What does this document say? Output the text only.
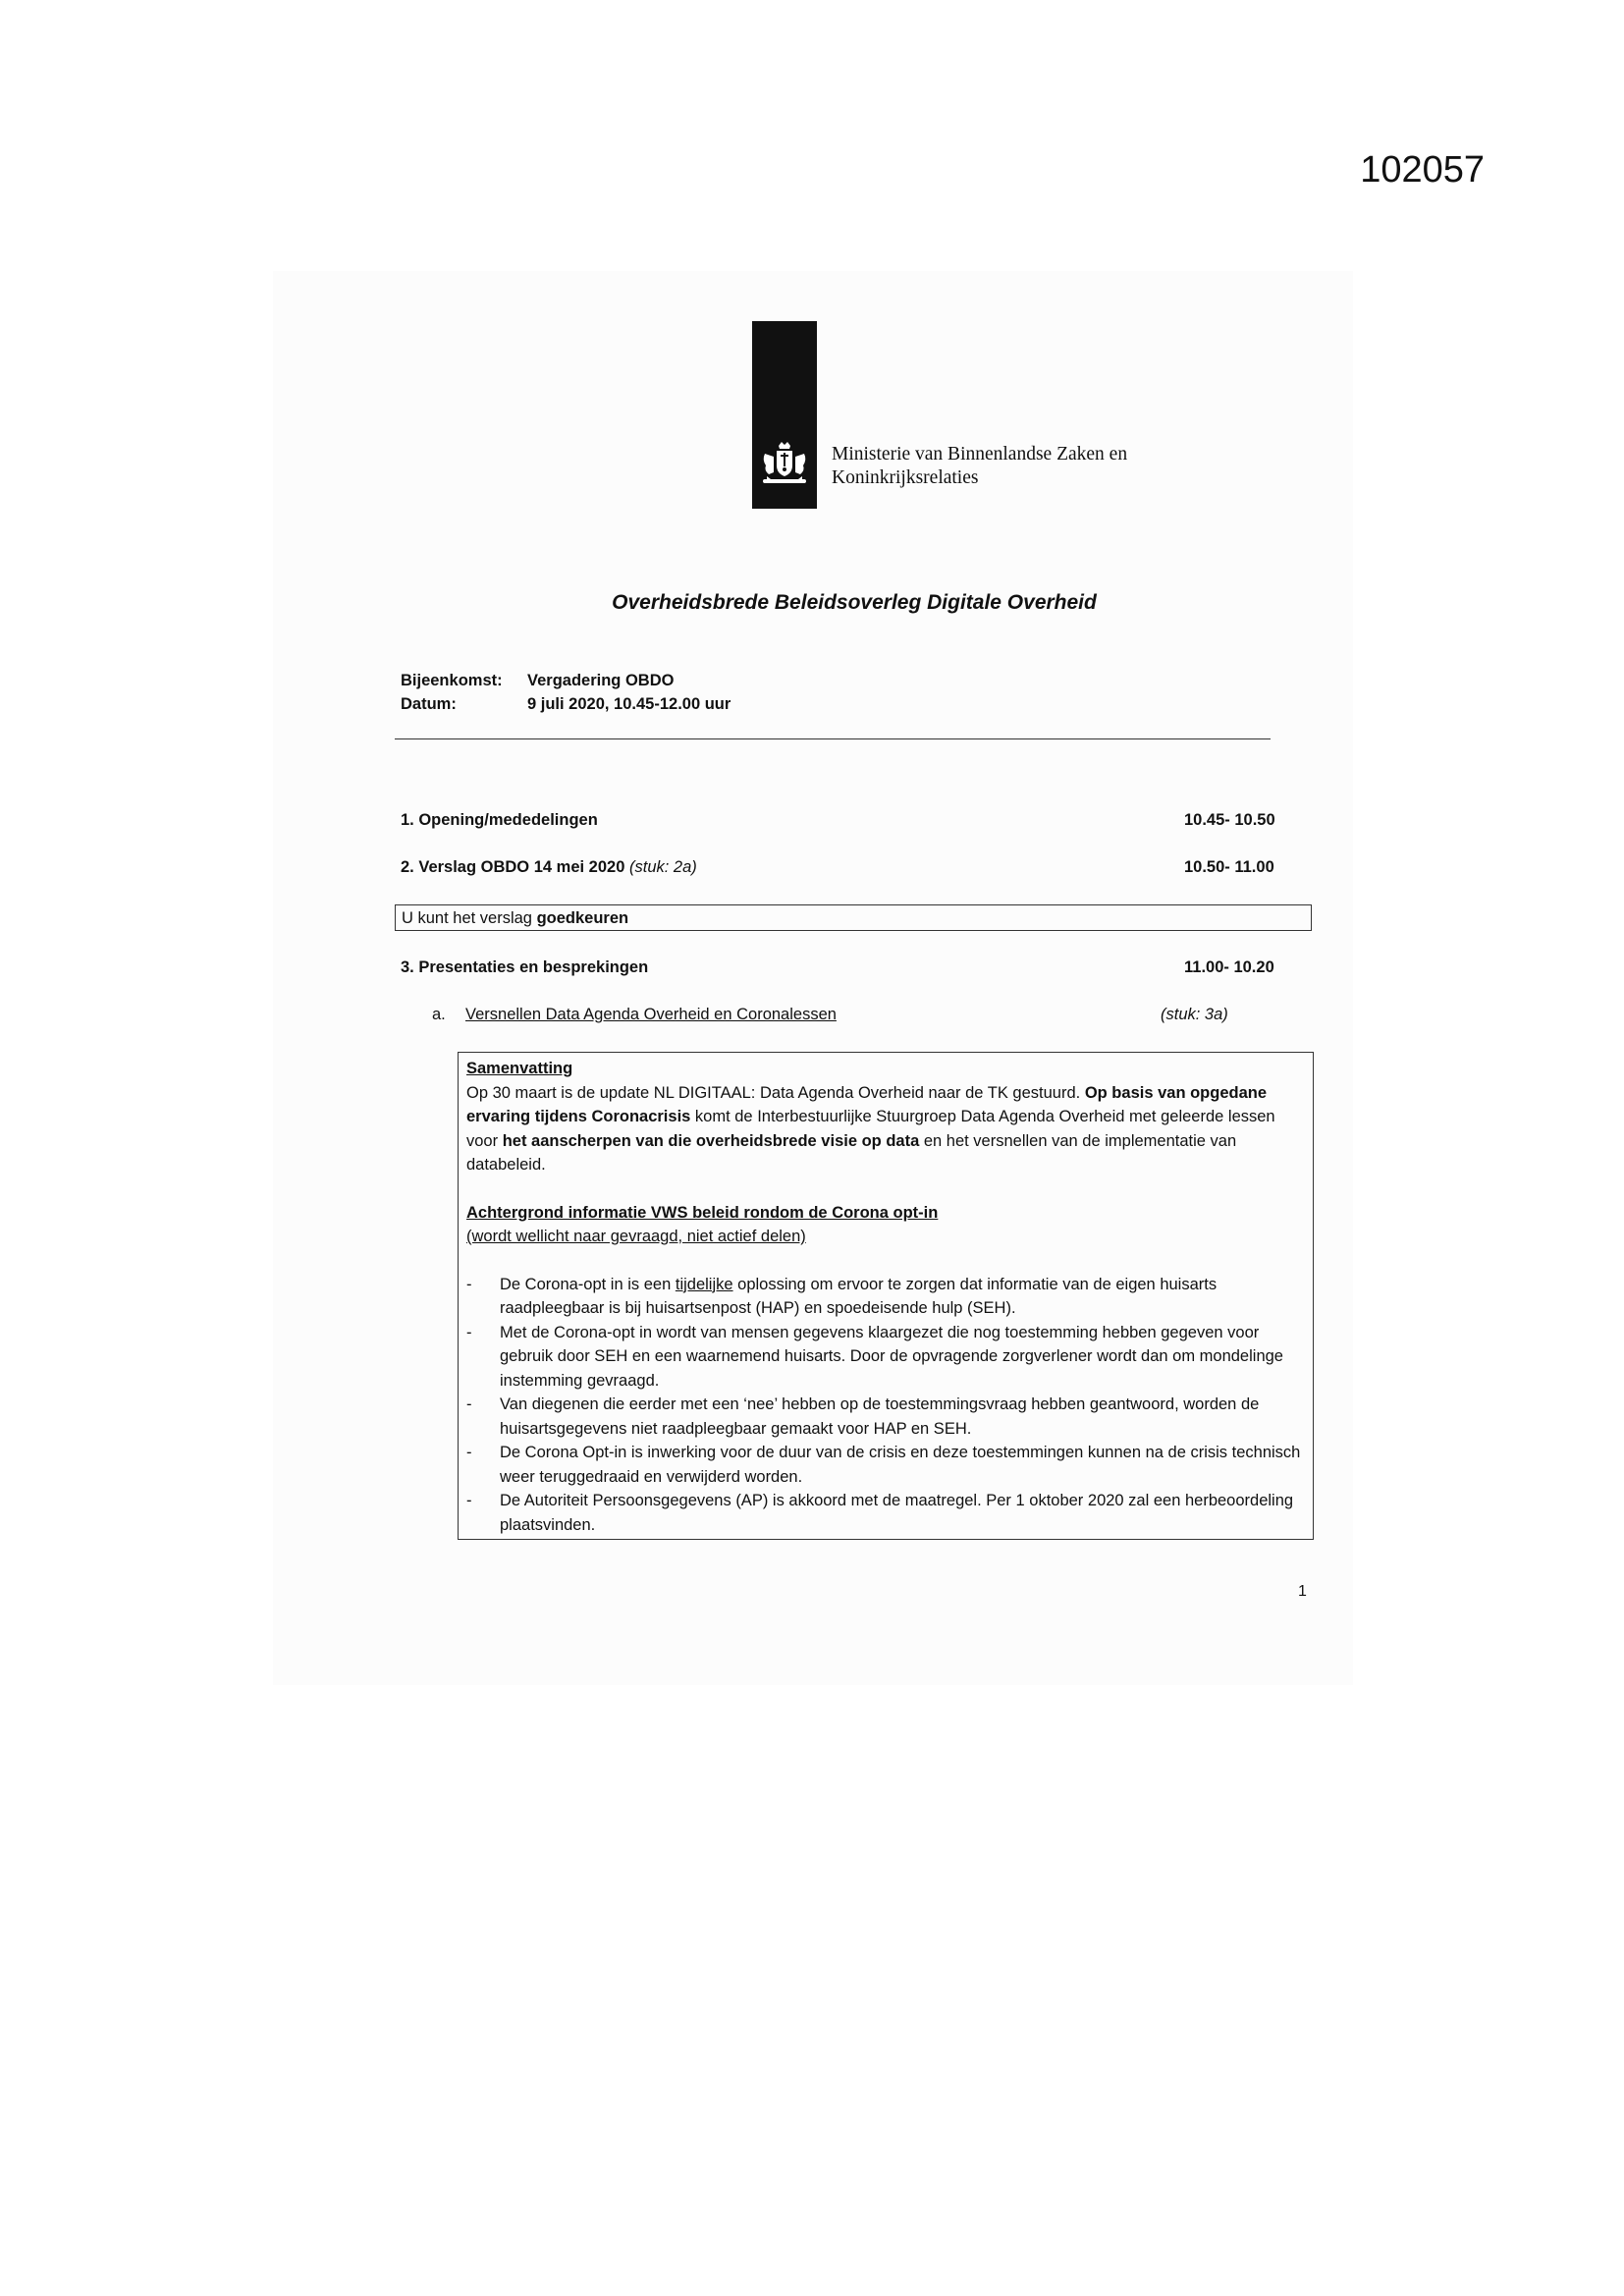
102057
Ministerie van Binnenlandse Zaken en
Koninkrijksrelaties
Overheidsbrede Beleidsoverleg Digitale Overheid
Bijeenkomst:	Vergadering OBDO
Datum:	9 juli 2020, 10.45-12.00 uur
1. Opening/mededelingen	10.45- 10.50
2. Verslag OBDO 14 mei 2020 (stuk: 2a)	10.50- 11.00
U kunt het verslag goedkeuren
3. Presentaties en besprekingen	11.00- 10.20
a. Versnellen Data Agenda Overheid en Coronalessen	(stuk: 3a)

Samenvatting

Op 30 maart is de update NL DIGITAAL: Data Agenda Overheid naar de TK gestuurd. Op basis van opgedane ervaring tijdens Coronacrisis komt de Interbestuurlijke Stuurgroep Data Agenda Overheid met geleerde lessen voor het aanscherpen van die overheidsbrede visie op data en het versnellen van de implementatie van databeleid.

Achtergrond informatie VWS beleid rondom de Corona opt-in

(wordt wellicht naar gevraagd, niet actief delen)

- De Corona-opt in is een tijdelijke oplossing om ervoor te zorgen dat informatie van de eigen huisarts raadpleegbaar is bij huisartsenpost (HAP) en spoedeisende hulp (SEH).
- Met de Corona-opt in wordt van mensen gegevens klaargezet die nog toestemming hebben gegeven voor gebruik door SEH en een waarnemend huisarts. Door de opvragende zorgverlener wordt dan om mondelinge instemming gevraagd.
- Van diegenen die eerder met een ‘nee’ hebben op de toestemmingsvraag hebben geantwoord, worden de huisartsgegevens niet raadpleegbaar gemaakt voor HAP en SEH.
- De Corona Opt-in is inwerking voor de duur van de crisis en deze toestemmingen kunnen na de crisis technisch weer teruggedraaid en verwijderd worden.
- De Autoriteit Persoonsgegevens (AP) is akkoord met de maatregel. Per 1 oktober 2020 zal een herbeoordeling plaatsvinden.
1
